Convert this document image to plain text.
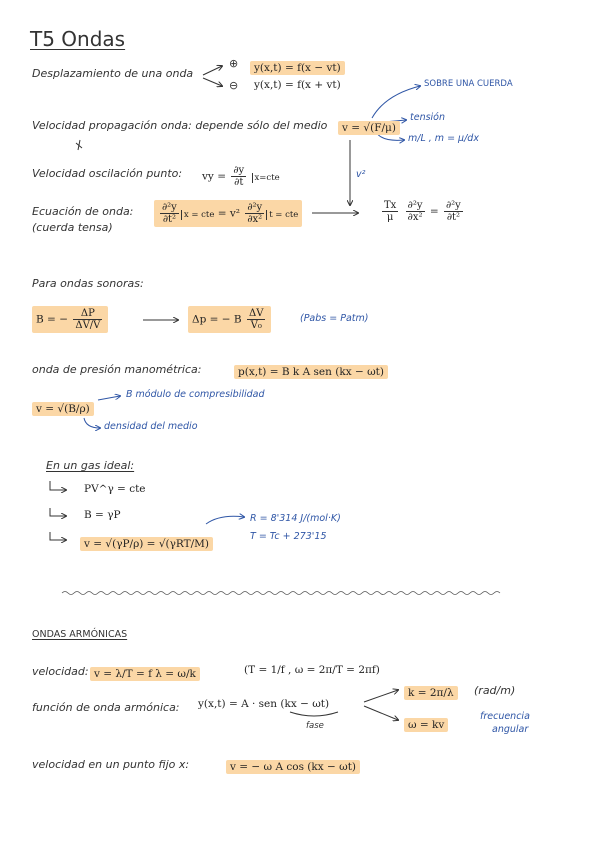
T5 Ondas
Desplazamiento de una onda
⊕	y(x,t) = f(x − vt)
⊖ y(x,t) = f(x + vt)	SOBRE UNA CUERDA
Velocidad propagación onda: depende sólo del medio	v = √(F/μ)
tensión
m/L , m = μ/dx
v²
Velocidad oscilación punto: vy = $\frac{\partial y}{\partial t} x=cte$
Ecuación de onda:
(cuerda tensa)
$\frac{\text{∂²y}}{\text{∂t²}}$ x = cte = $v^2 \frac{\text{∂²y}}{\text{∂x²}}$ t = cte	$\frac{Tx}{\mu}$
$\frac{\text{∂²y}}{\text{∂x²}} = \frac{\text{∂²y}}{\text{∂t²}}$
Para ondas sonoras:
B = − $\frac{\Delta P}{\Delta V/V}$	Δp = − B $\frac{\Delta V}{\text{V₀}}$	(Pabs = Patm)
onda de presión manométrica:	p(x,t) = B k A sen (kx − ωt)
v = √(B/ρ)
B módulo de compresibilidad
densidad del medio
En un gas ideal:
PV^γ = cte
B = γP
v = √(γP/ρ) = √(γRT/M)
R = 8'314 J/(mol·K)
T = Tc + 273'15
ONDAS ARMÓNICAS
velocidad: v = λ/T = f λ = ω/k	(T = 1/f , ω = 2π/T = 2πf)
función de onda armónica: y(x,t) = A · sen (kx − ωt)
fase
k = 2π/λ	(rad/m)
ω = kv
frecuencia
angular
velocidad en un punto fijo x:	v = − ω A cos (kx − ωt)
